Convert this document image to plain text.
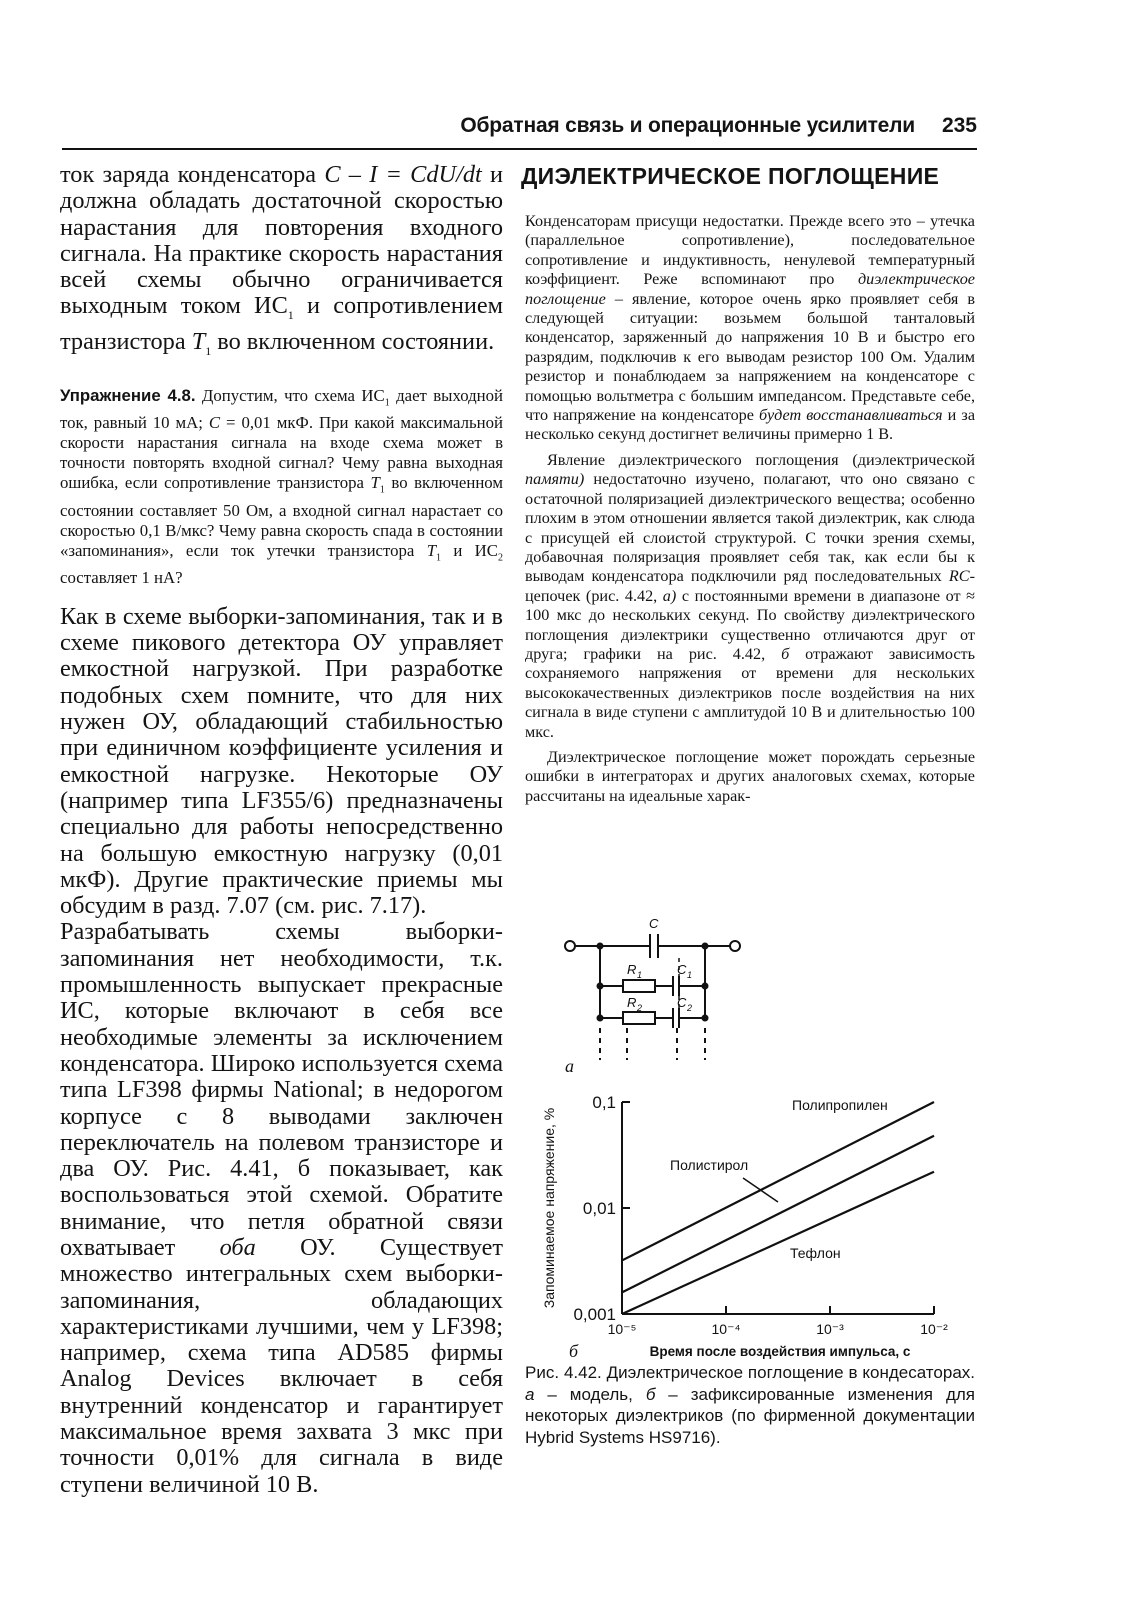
Обратная связь и операционные усилители 235

ток заряда конденсатора C – I = CdU/dt и должна обладать достаточной скоростью нарастания для повторения входного сигнала. На практике скорость нарастания всей схемы обычно ограничивается выходным током $ИС_1$ и сопротивлением транзистора $T_1$ во включенном состоянии.

Упражнение 4.8. Допустим, что схема $ИС_1$ дает выходной ток, равный 10 мА; C = 0,01 мкФ. При какой максимальной скорости нарастания сигнала на входе схема может в точности повторять входной сигнал? Чему равна выходная ошибка, если сопротивление транзистора $T_1$ во включенном состоянии составляет 50 Ом, а входной сигнал нарастает со скоростью 0,1 В/мкс? Чему равна скорость спада в состоянии «запоминания», если ток утечки транзистора $T_1$ и $ИС_2$ составляет 1 нА?

Как в схеме выборки-запоминания, так и в схеме пикового детектора ОУ управляет емкостной нагрузкой. При разработке подобных схем помните, что для них нужен ОУ, обладающий стабильностью при единичном коэффициенте усиления и емкостной нагрузке. Некоторые ОУ (например типа LF355/6) предназначены специально для работы непосредственно на большую емкостную нагрузку (0,01 мкФ). Другие практические приемы мы обсудим в разд. 7.07 (см. рис. 7.17).

Разрабатывать схемы выборки-запоминания нет необходимости, т.к. промышленность выпускает прекрасные ИС, которые включают в себя все необходимые элементы за исключением конденсатора. Широко используется схема типа LF398 фирмы National; в недорогом корпусе с 8 выводами заключен переключатель на полевом транзисторе и два ОУ. Рис. 4.41, б показывает, как воспользоваться этой схемой. Обратите внимание, что петля обратной связи охватывает оба ОУ. Существует множество интегральных схем выборки-запоминания, обладающих характеристиками лучшими, чем у LF398; например, схема типа AD585 фирмы Analog Devices включает в себя внутренний конденсатор и гарантирует максимальное время захвата 3 мкс при точности 0,01% для сигнала в виде ступени величиной 10 В.

ДИЭЛЕКТРИЧЕСКОЕ ПОГЛОЩЕНИЕ

Конденсаторам присущи недостатки. Прежде всего это – утечка (параллельное сопротивление), последовательное сопротивление и индуктивность, ненулевой температурный коэффициент. Реже вспоминают про диэлектрическое поглощение – явление, которое очень ярко проявляет себя в следующей ситуации: возьмем большой танталовый конденсатор, заряженный до напряжения 10 В и быстро его разрядим, подключив к его выводам резистор 100 Ом. Удалим резистор и понаблюдаем за напряжением на конденсаторе с помощью вольтметра с большим импедансом. Представьте себе, что напряжение на конденсаторе будет восстанавливаться и за несколько секунд достигнет величины примерно 1 В.

Явление диэлектрического поглощения (диэлектрической памяти) недостаточно изучено, полагают, что оно связано с остаточной поляризацией диэлектрического вещества; особенно плохим в этом отношении является такой диэлектрик, как слюда с присущей ей слоистой структурой. С точки зрения схемы, добавочная поляризация проявляет себя так, как если бы к выводам конденсатора подключили ряд последовательных RC-цепочек (рис. 4.42, а) с постоянными времени в диапазоне от ≈ 100 мкс до нескольких секунд. По свойству диэлектрического поглощения диэлектрики существенно отличаются друг от друга; графики на рис. 4.42, б отражают зависимость сохраняемого напряжения от времени для нескольких высококачественных диэлектриков после воздействия на них сигнала в виде ступени с амплитудой 10 В и длительностью 100 мкс.

Диэлектрическое поглощение может порождать серьезные ошибки в интеграторах и других аналоговых схемах, которые рассчитаны на идеальные харак-

C
R 1	C 1
R 2	C 2
а
0,001
0,01
0,1
10⁻⁵	10⁻⁴	10⁻³	10⁻²
Время после воздействия импульса, с
Запоминаемое напряжение, %
Полипропилен
Полистирол
Тефлон
б

Рис. 4.42. Диэлектрическое поглощение в кондесаторах. а – модель, б – зафиксированные изменения для некоторых диэлектриков (по фирменной документации Hybrid Systems HS9716).
